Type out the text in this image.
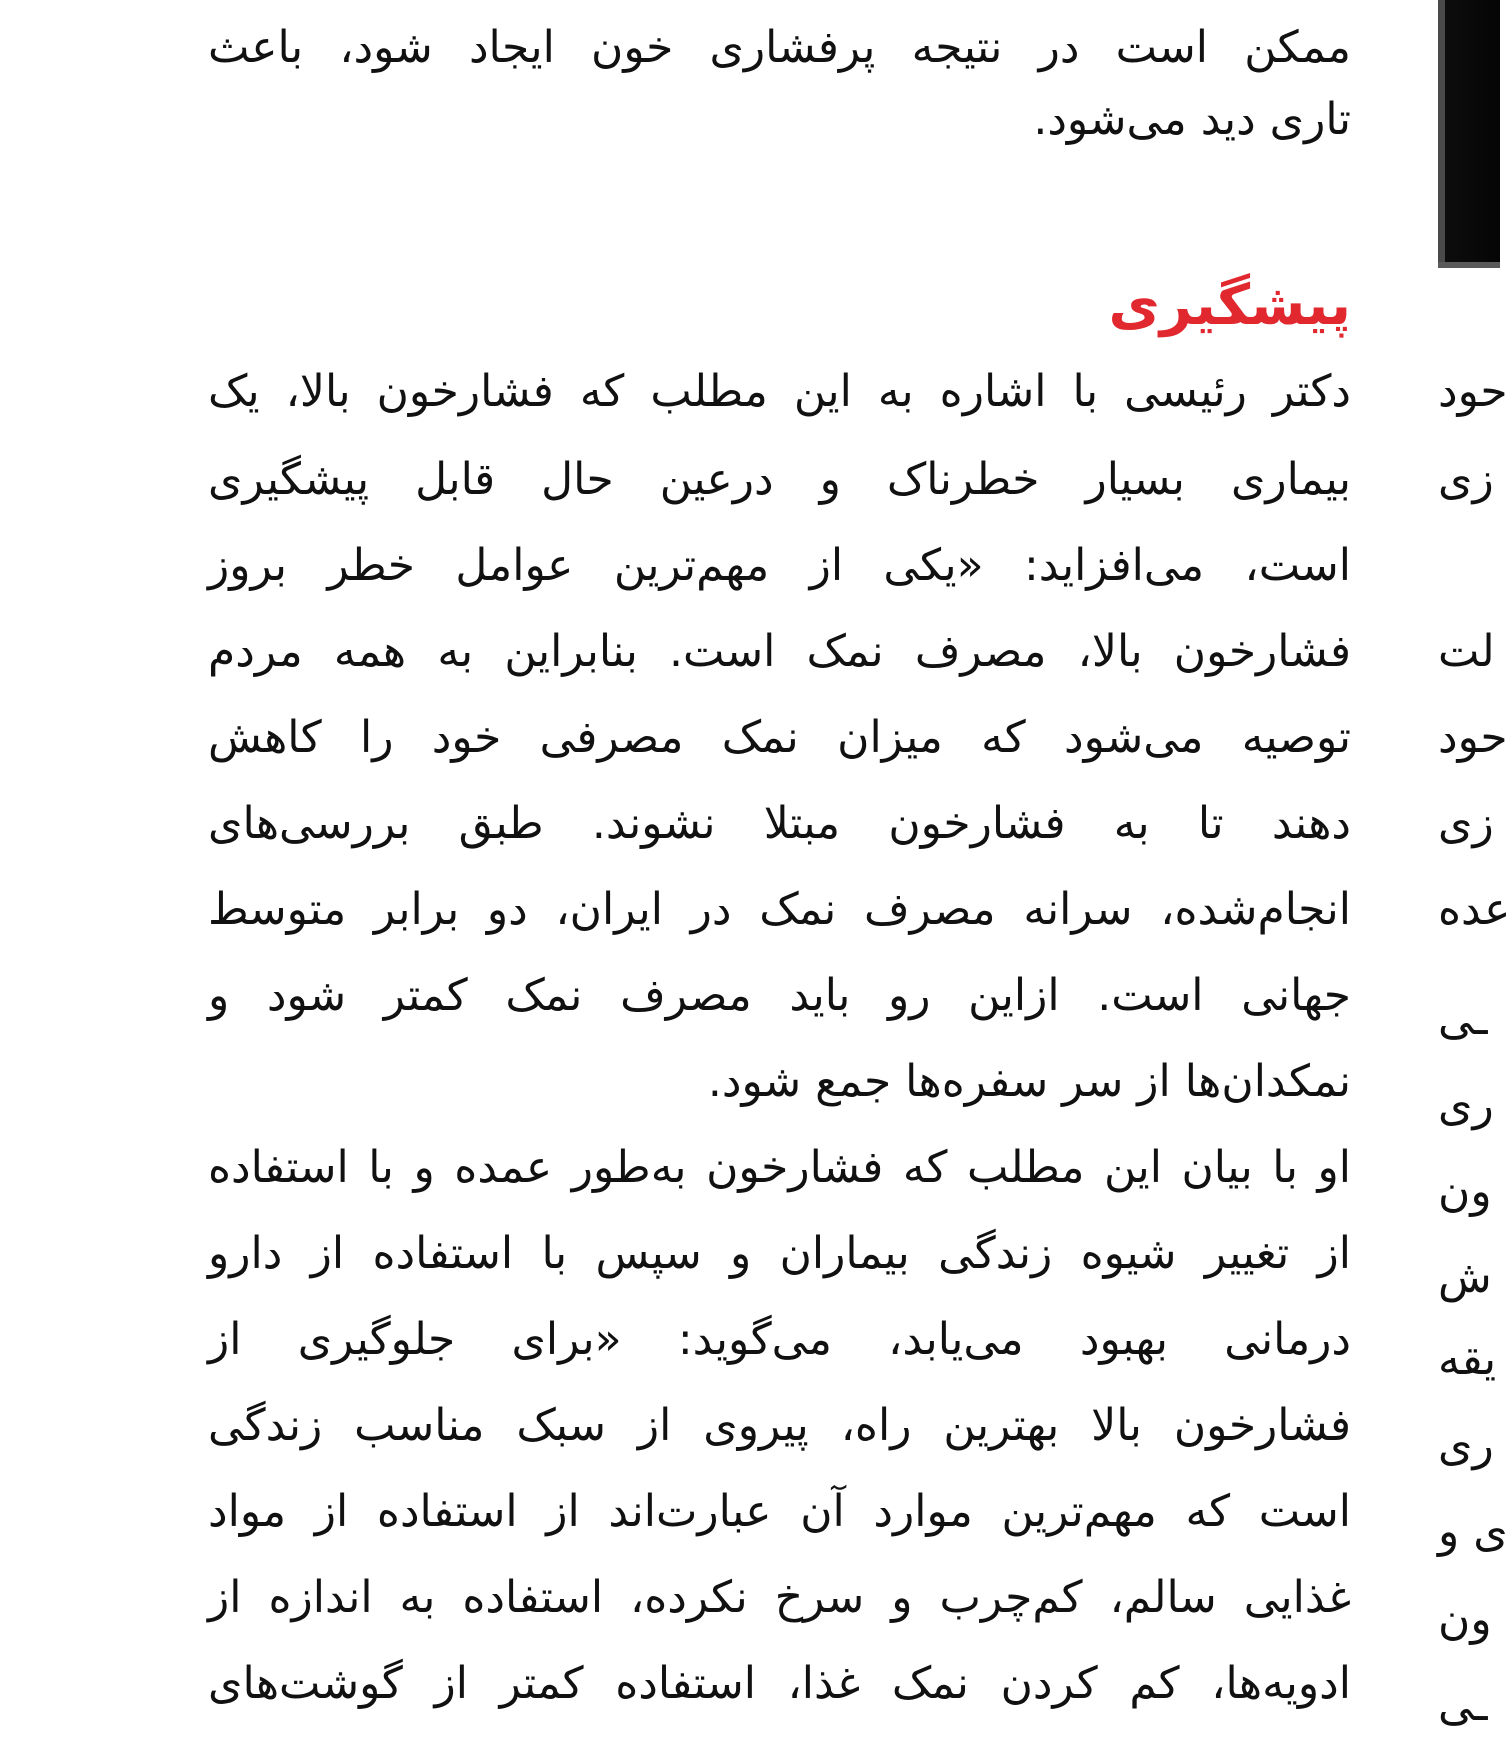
ممکن است در نتیجه پرفشاری خون ایجاد شود، باعث
تاری دید می‌شود.
پیشگیری
دکتر رئیسی با اشاره به این مطلب که فشارخون بالا، یک
بیماری بسیار خطرناک و درعین حال قابل پیشگیری
است، می‌افزاید: «یکی از مهم‌ترین عوامل خطر بروز
فشارخون بالا، مصرف نمک است. بنابراین به همه مردم
توصیه می‌شود که میزان نمک مصرفی خود را کاهش
دهند تا به فشارخون مبتلا نشوند. طبق بررسی‌های
انجام‌شده، سرانه مصرف نمک در ایران، دو برابر متوسط
جهانی است. ازاین رو باید مصرف نمک کمتر شود و
نمکدان‌ها از سر سفره‌ها جمع شود.
او با بیان این مطلب که فشارخون به‌طور عمده و با استفاده
از تغییر شیوه زندگی بیماران و سپس با استفاده از دارو
درمانی بهبود می‌یابد، می‌گوید: «برای جلوگیری از
فشارخون بالا بهترین راه، پیروی از سبک مناسب زندگی
است که مهم‌ترین موارد آن عبارت‌اند از استفاده از مواد
غذایی سالم، کم‌چرب و سرخ نکرده، استفاده به اندازه از
ادویه‌ها، کم کردن نمک غذا، استفاده کمتر از گوشت‌های
حود
زی
لت
حود
زی
عده
ـی
ری
ون
ش
یقه
ری
ی و
ون
ـی
